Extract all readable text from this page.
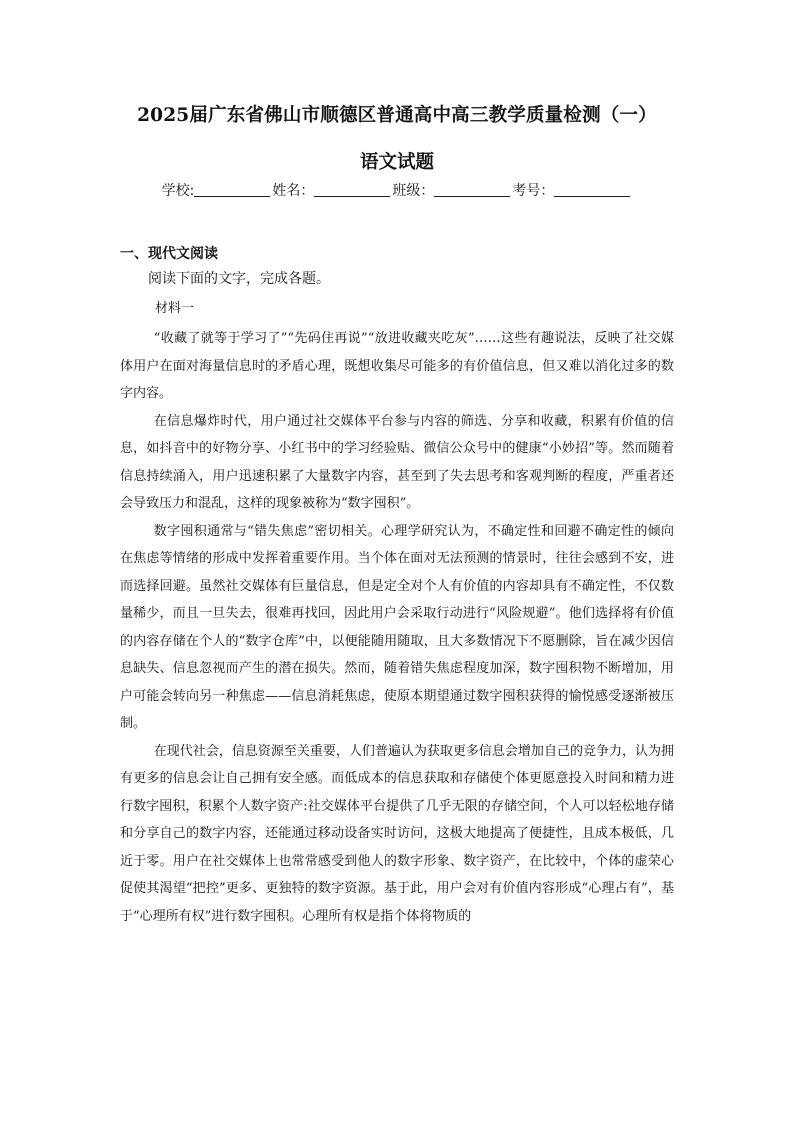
2025届广东省佛山市顺德区普通高中高三教学质量检测（一）
语文试题
学校:	姓名：	班级：	考号：
一、现代文阅读
阅读下面的文字，完成各题。
材料一

“收藏了就等于学习了”“先码住再说”“放进收藏夹吃灰”……这些有趣说法，反映了社交媒体用户在面对海量信息时的矛盾心理，既想收集尽可能多的有价值信息，但又难以消化过多的数字内容。

在信息爆炸时代，用户通过社交媒体平台参与内容的筛选、分享和收藏，积累有价值的信息，如抖音中的好物分享、小红书中的学习经验贴、微信公众号中的健康“小妙招”等。然而随着信息持续涌入，用户迅速积累了大量数字内容，甚至到了失去思考和客观判断的程度，严重者还会导致压力和混乱，这样的现象被称为“数字囤积”。

数字囤积通常与“错失焦虑”密切相关。心理学研究认为，不确定性和回避不确定性的倾向在焦虑等情绪的形成中发挥着重要作用。当个体在面对无法预测的情景时，往往会感到不安，进而选择回避。虽然社交媒体有巨量信息，但是定全对个人有价值的内容却具有不确定性，不仅数量稀少，而且一旦失去，很难再找回，因此用户会采取行动进行“风险规避”。他们选择将有价值的内容存储在个人的“数字仓库”中，以便能随用随取，且大多数情况下不愿删除，旨在减少因信息缺失、信息忽视而产生的潜在损失。然而，随着错失焦虑程度加深，数字囤积物不断增加，用户可能会转向另一种焦虑——信息消耗焦虑，使原本期望通过数字囤积获得的愉悦感受逐渐被压制。

在现代社会，信息资源至关重要，人们普遍认为获取更多信息会增加自己的竞争力，认为拥有更多的信息会让自己拥有安全感。而低成本的信息获取和存储使个体更愿意投入时间和精力进行数字囤积，积累个人数字资产:社交媒体平台提供了几乎无限的存储空间，个人可以轻松地存储和分享自己的数字内容，还能通过移动设备实时访问，这极大地提高了便捷性，且成本极低，几近于零。用户在社交媒体上也常常感受到他人的数字形象、数字资产，在比较中，个体的虚荣心促使其渴望“把控”更多、更独特的数字资源。基于此，用户会对有价值内容形成“心理占有”，基于“心理所有权”进行数字囤积。心理所有权是指个体将物质的
